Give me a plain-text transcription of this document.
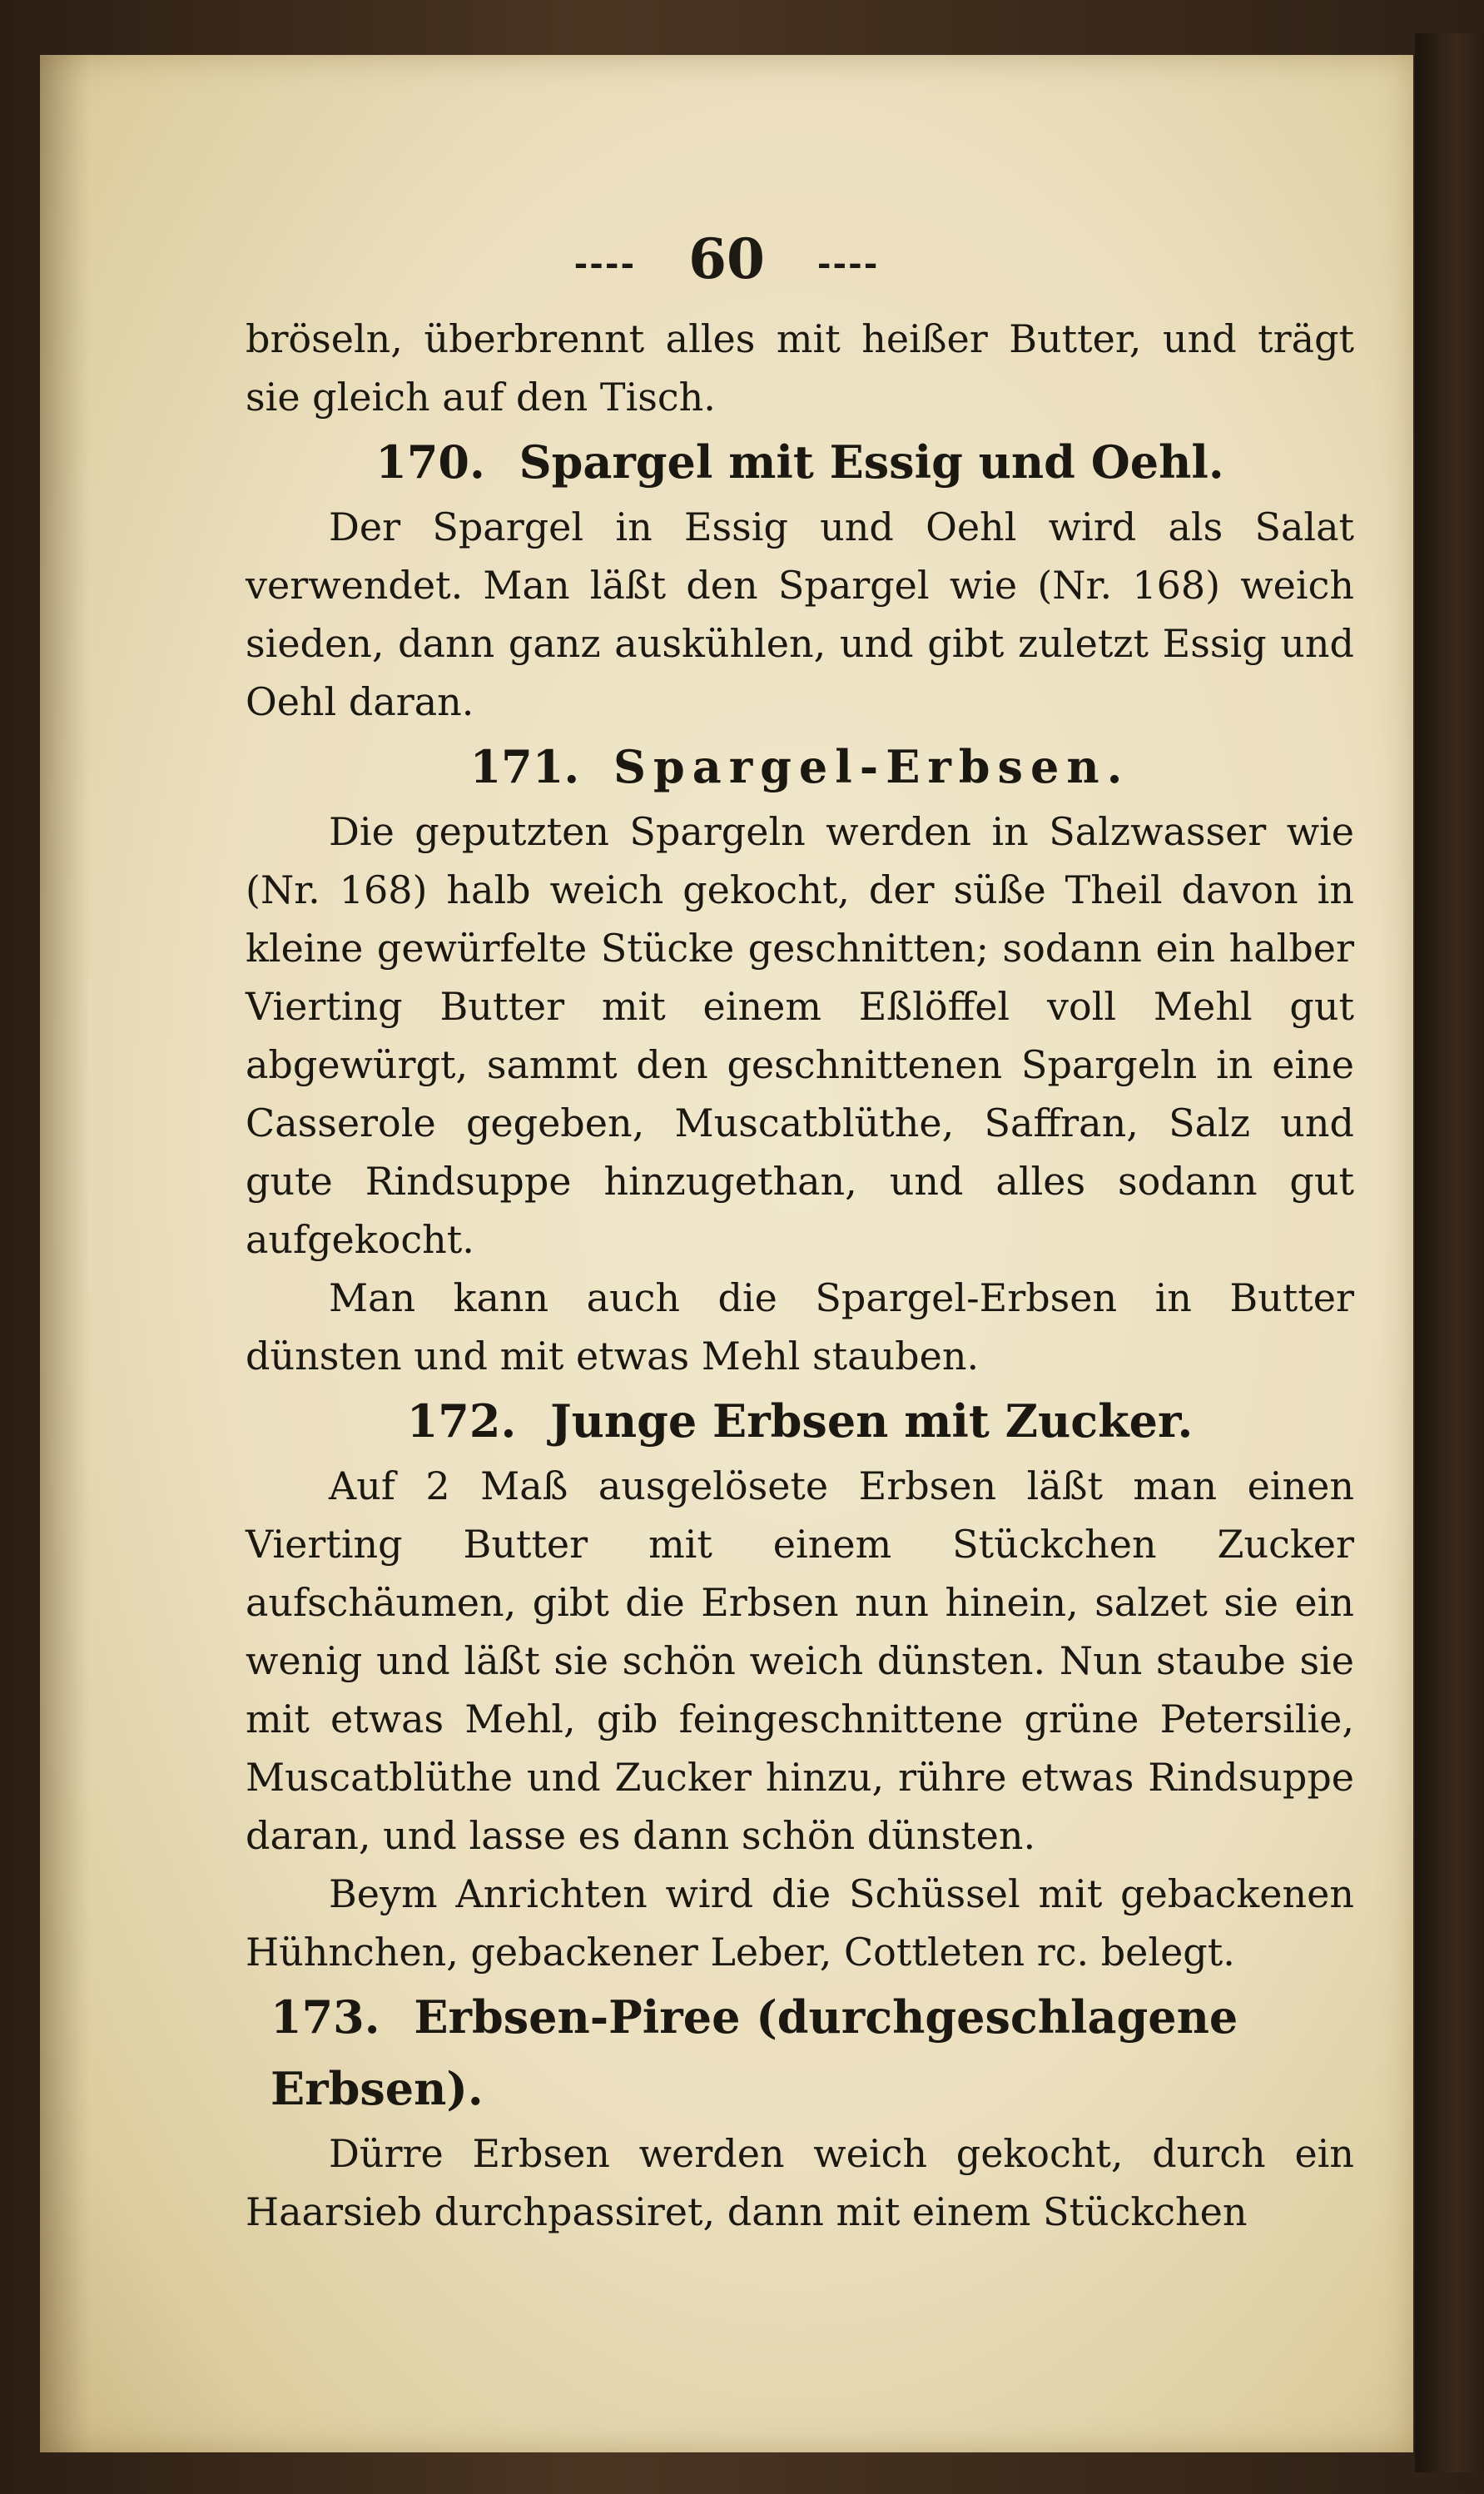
---- 60 ----

bröseln, überbrennt alles mit heißer Butter, und trägt sie gleich auf den Tisch.

170. Spargel mit Essig und Oehl.

Der Spargel in Essig und Oehl wird als Salat verwendet. Man läßt den Spargel wie (Nr. 168) weich sieden, dann ganz auskühlen, und gibt zuletzt Essig und Oehl daran.

171. Spargel-Erbsen.

Die geputzten Spargeln werden in Salzwasser wie (Nr. 168) halb weich gekocht, der süße Theil davon in kleine gewürfelte Stücke geschnitten; sodann ein halber Vierting Butter mit einem Eßlöffel voll Mehl gut abgewürgt, sammt den geschnittenen Spargeln in eine Casserole gegeben, Muscatblüthe, Saffran, Salz und gute Rindsuppe hinzugethan, und alles sodann gut aufgekocht.

Man kann auch die Spargel-Erbsen in Butter dünsten und mit etwas Mehl stauben.

172. Junge Erbsen mit Zucker.

Auf 2 Maß ausgelösete Erbsen läßt man einen Vierting Butter mit einem Stückchen Zucker aufschäumen, gibt die Erbsen nun hinein, salzet sie ein wenig und läßt sie schön weich dünsten. Nun staube sie mit etwas Mehl, gib feingeschnittene grüne Petersilie, Muscatblüthe und Zucker hinzu, rühre etwas Rindsuppe daran, und lasse es dann schön dünsten.

Beym Anrichten wird die Schüssel mit gebackenen Hühnchen, gebackener Leber, Cottleten rc. belegt.

173. Erbsen-Piree (durchgeschlagene Erbsen).

Dürre Erbsen werden weich gekocht, durch ein Haarsieb durchpassiret, dann mit einem Stückchen
